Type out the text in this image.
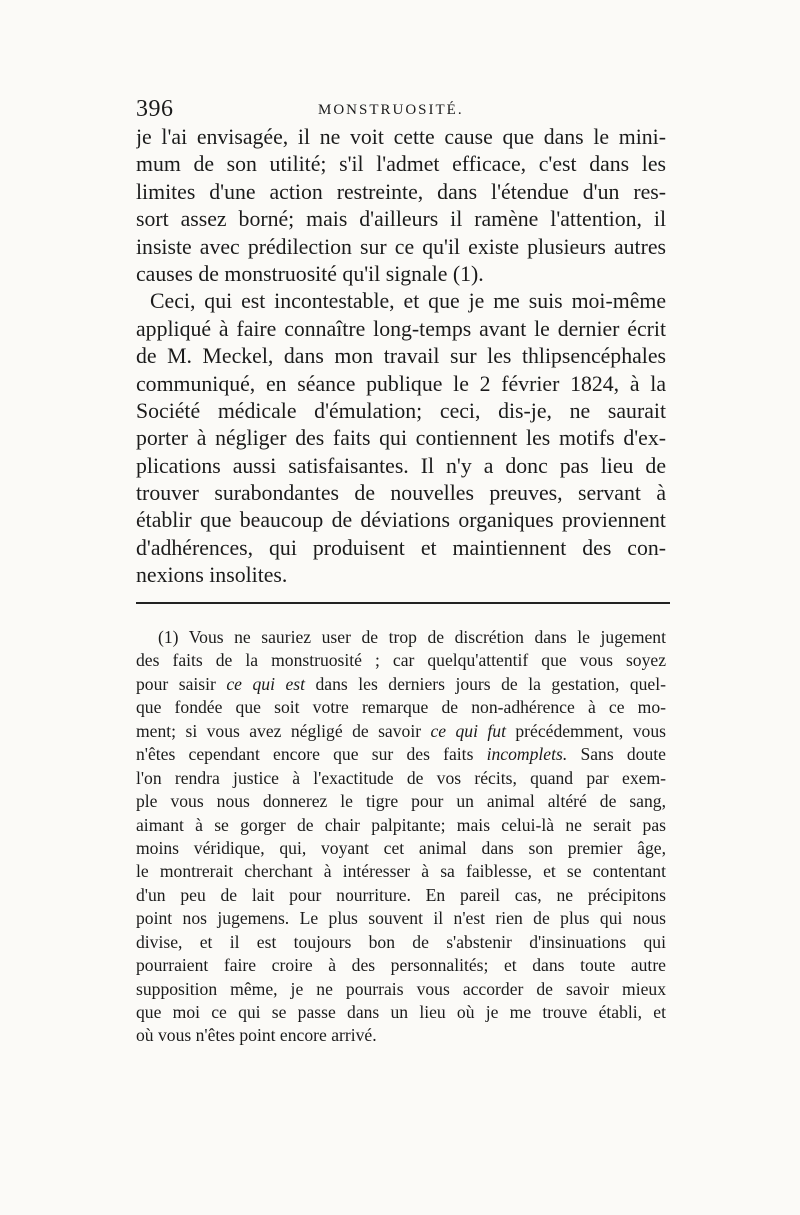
396	MONSTRUOSITÉ.
je l'ai envisagée, il ne voit cette cause que dans le mini-
mum de son utilité; s'il l'admet efficace, c'est dans les
limites d'une action restreinte, dans l'étendue d'un res-
sort assez borné; mais d'ailleurs il ramène l'attention, il
insiste avec prédilection sur ce qu'il existe plusieurs autres
causes de monstruosité qu'il signale (1).
Ceci, qui est incontestable, et que je me suis moi-même
appliqué à faire connaître long-temps avant le dernier écrit
de M. Meckel, dans mon travail sur les thlipsencéphales
communiqué, en séance publique le 2 février 1824, à la
Société médicale d'émulation; ceci, dis-je, ne saurait
porter à négliger des faits qui contiennent les motifs d'ex-
plications aussi satisfaisantes. Il n'y a donc pas lieu de
trouver surabondantes de nouvelles preuves, servant à
établir que beaucoup de déviations organiques proviennent
d'adhérences, qui produisent et maintiennent des con-
nexions insolites.
(1) Vous ne sauriez user de trop de discrétion dans le jugement
des faits de la monstruosité ; car quelqu'attentif que vous soyez
pour saisir ce qui est dans les derniers jours de la gestation, quel-
que fondée que soit votre remarque de non-adhérence à ce mo-
ment; si vous avez négligé de savoir ce qui fut précédemment, vous
n'êtes cependant encore que sur des faits incomplets. Sans doute
l'on rendra justice à l'exactitude de vos récits, quand par exem-
ple vous nous donnerez le tigre pour un animal altéré de sang,
aimant à se gorger de chair palpitante; mais celui-là ne serait pas
moins véridique, qui, voyant cet animal dans son premier âge,
le montrerait cherchant à intéresser à sa faiblesse, et se contentant
d'un peu de lait pour nourriture. En pareil cas, ne précipitons
point nos jugemens. Le plus souvent il n'est rien de plus qui nous
divise, et il est toujours bon de s'abstenir d'insinuations qui
pourraient faire croire à des personnalités; et dans toute autre
supposition même, je ne pourrais vous accorder de savoir mieux
que moi ce qui se passe dans un lieu où je me trouve établi, et
où vous n'êtes point encore arrivé.
